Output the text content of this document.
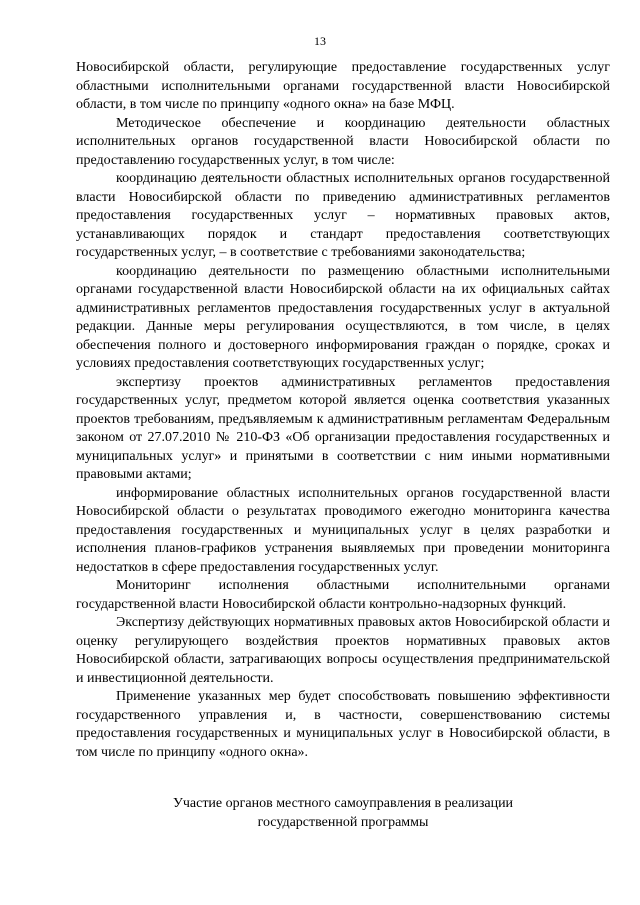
13

Новосибирской области, регулирующие предоставление государственных услуг областными исполнительными органами государственной власти Новосибирской области, в том числе по принципу «одного окна» на базе МФЦ.

Методическое обеспечение и координацию деятельности областных исполнительных органов государственной власти Новосибирской области по предоставлению государственных услуг, в том числе:

координацию деятельности областных исполнительных органов государственной власти Новосибирской области по приведению административных регламентов предоставления государственных услуг – нормативных правовых актов, устанавливающих порядок и стандарт предоставления соответствующих государственных услуг, – в соответствие с требованиями законодательства;

координацию деятельности по размещению областными исполнительными органами государственной власти Новосибирской области на их официальных сайтах административных регламентов предоставления государственных услуг в актуальной редакции. Данные меры регулирования осуществляются, в том числе, в целях обеспечения полного и достоверного информирования граждан о порядке, сроках и условиях предоставления соответствующих государственных услуг;

экспертизу проектов административных регламентов предоставления государственных услуг, предметом которой является оценка соответствия указанных проектов требованиям, предъявляемым к административным регламентам Федеральным законом от 27.07.2010 № 210-ФЗ «Об организации предоставления государственных и муниципальных услуг» и принятыми в соответствии с ним иными нормативными правовыми актами;

информирование областных исполнительных органов государственной власти Новосибирской области о результатах проводимого ежегодно мониторинга качества предоставления государственных и муниципальных услуг в целях разработки и исполнения планов-графиков устранения выявляемых при проведении мониторинга недостатков в сфере предоставления государственных услуг.

Мониторинг исполнения областными исполнительными органами государственной власти Новосибирской области контрольно-надзорных функций.

Экспертизу действующих нормативных правовых актов Новосибирской области и оценку регулирующего воздействия проектов нормативных правовых актов Новосибирской области, затрагивающих вопросы осуществления предпринимательской и инвестиционной деятельности.

Применение указанных мер будет способствовать повышению эффективности государственного управления и, в частности, совершенствованию системы предоставления государственных и муниципальных услуг в Новосибирской области, в том числе по принципу «одного окна».

Участие органов местного самоуправления в реализации
государственной программы
